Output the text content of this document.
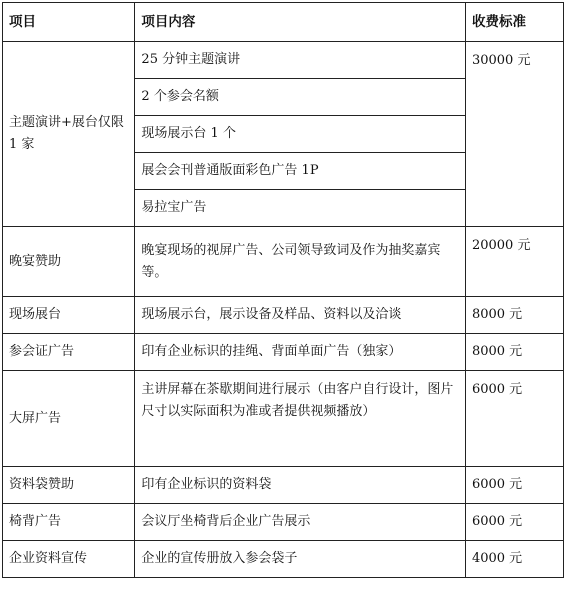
项目	项目内容	收费标准
主题演讲+展台仅限 1 家	25 分钟主题演讲	30000 元
	2 个参会名额	
	现场展示台 1 个	
	展会会刊普通版面彩色广告 1P	
	易拉宝广告	
晚宴赞助	晚宴现场的视屏广告、公司领导致词及作为抽奖嘉宾等。	20000 元
现场展台	现场展示台，展示设备及样品、资料以及洽谈	8000 元
参会证广告	印有企业标识的挂绳、背面单面广告（独家）	8000 元
大屏广告	主讲屏幕在茶歇期间进行展示（由客户自行设计，图片尺寸以实际面积为准或者提供视频播放）	6000 元
资料袋赞助	印有企业标识的资料袋	6000 元
椅背广告	会议厅坐椅背后企业广告展示	6000 元
企业资料宣传	企业的宣传册放入参会袋子	4000 元
